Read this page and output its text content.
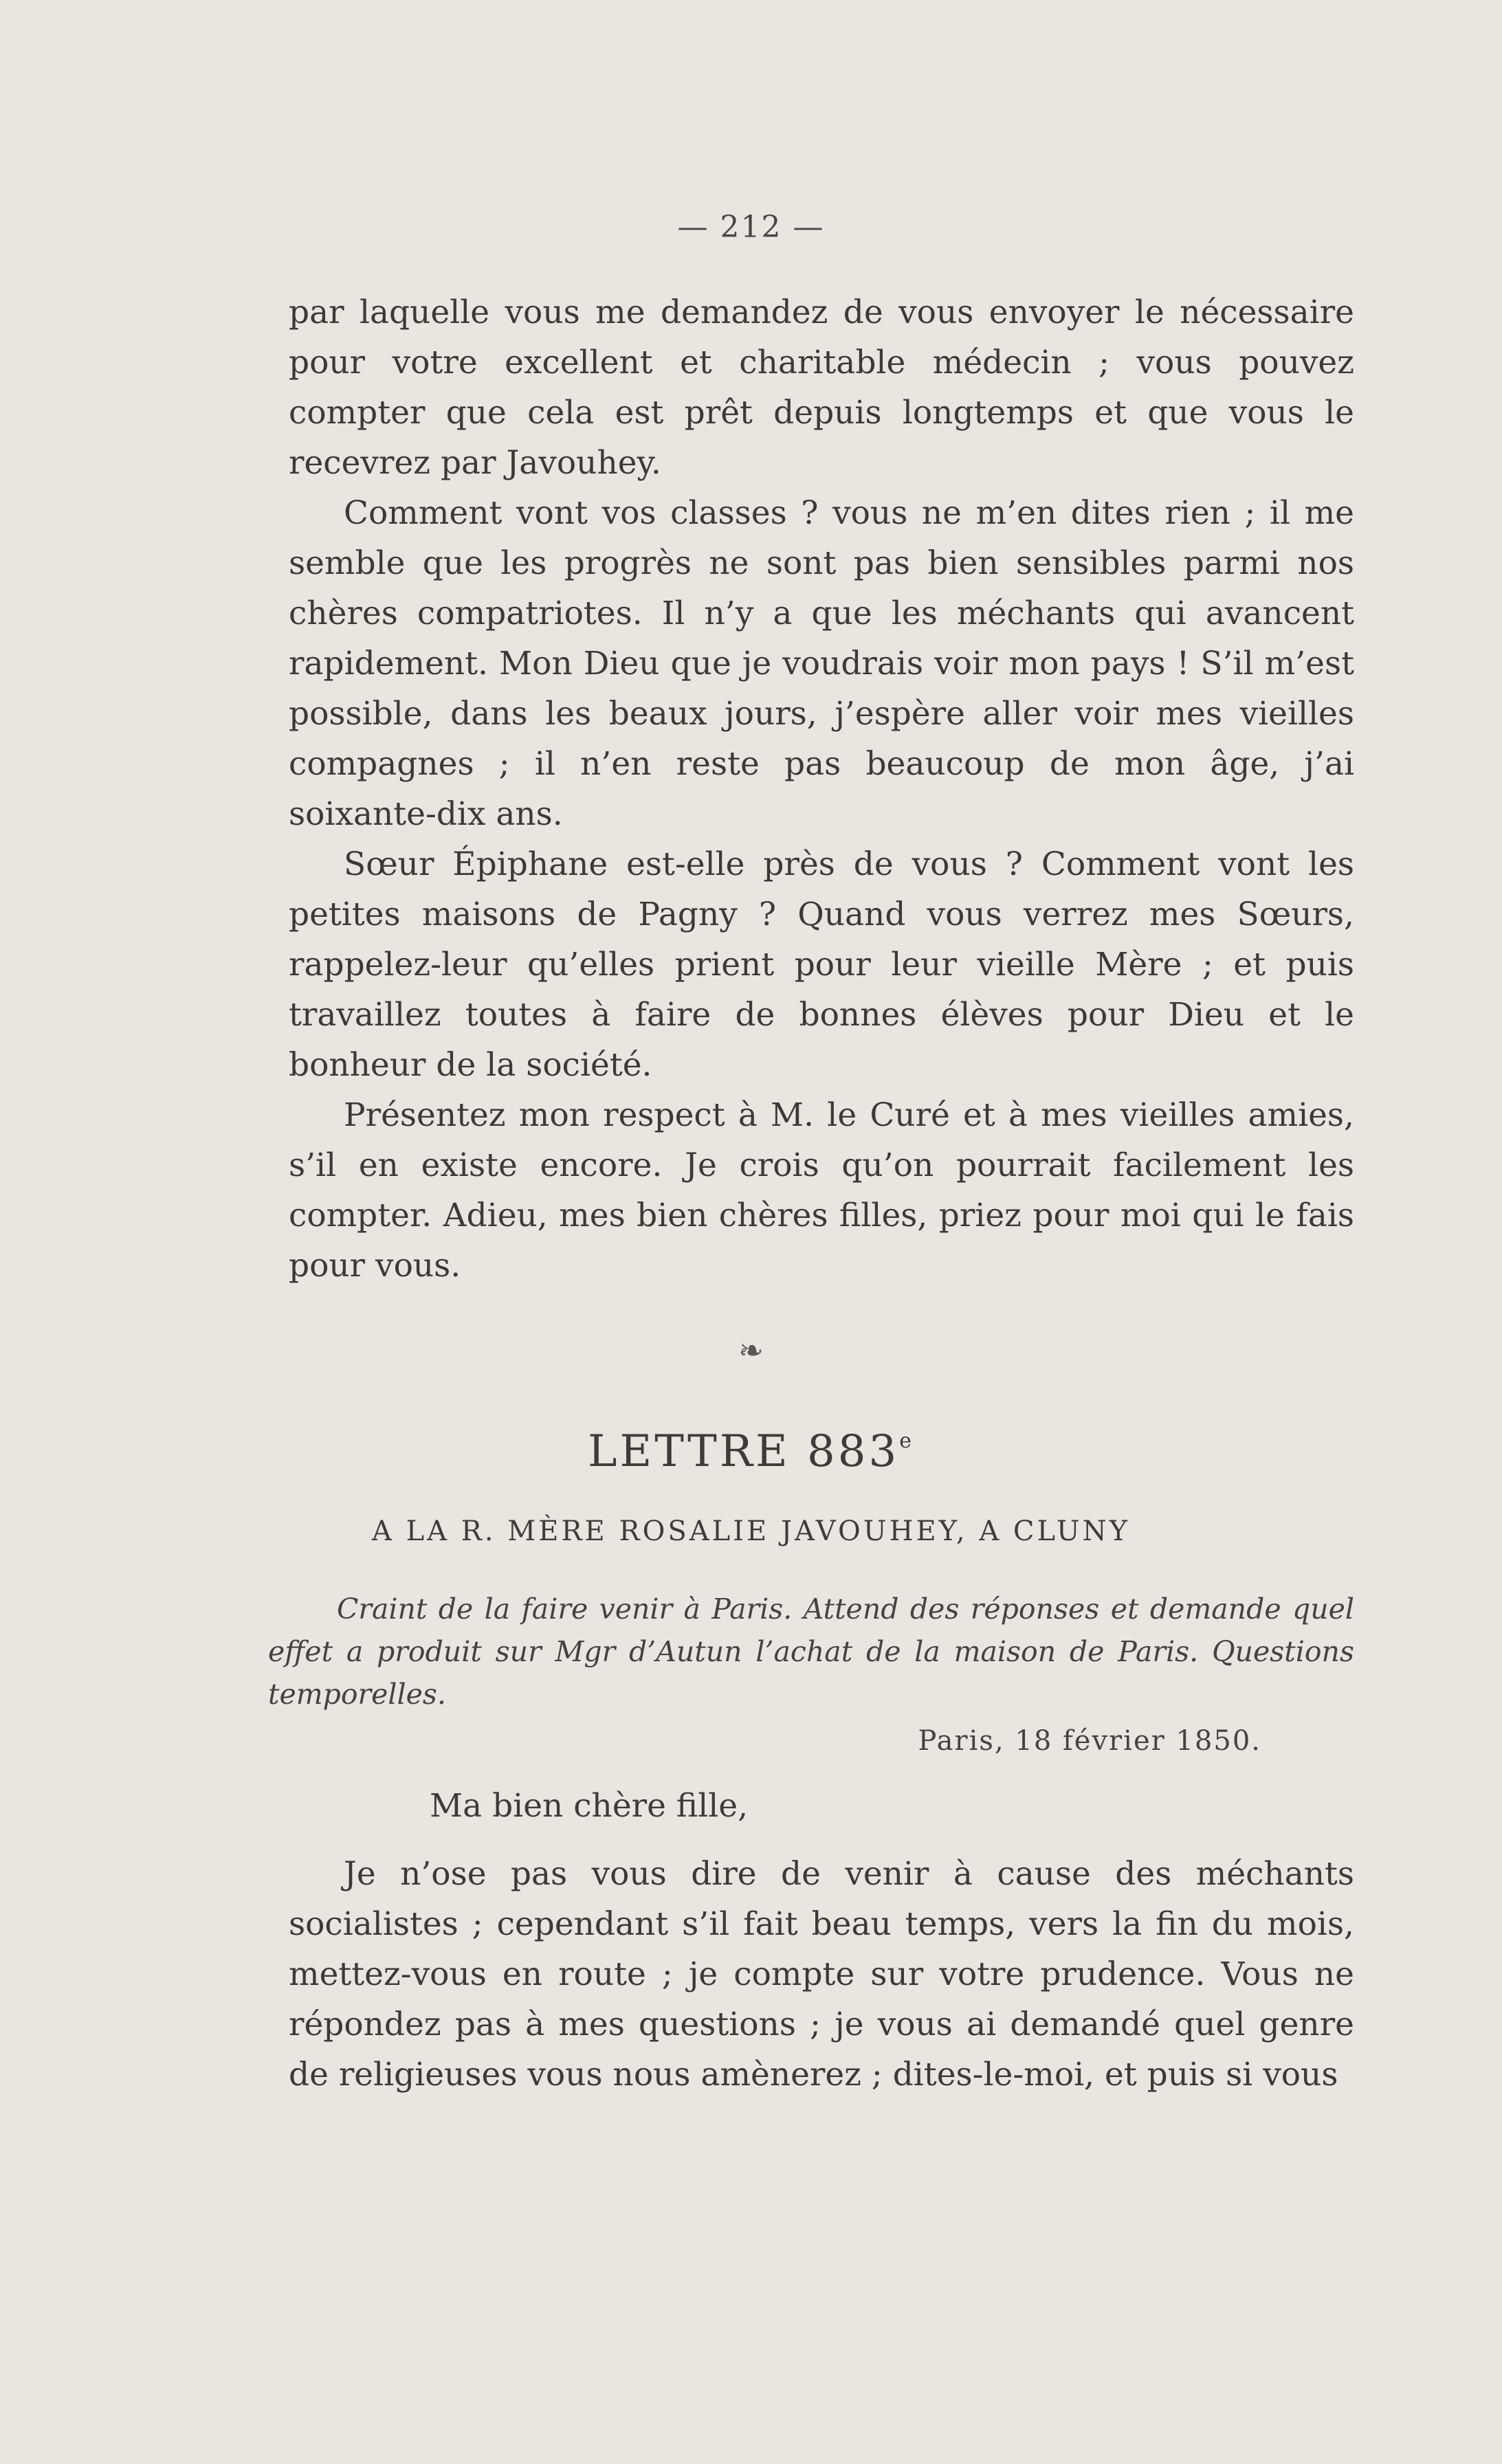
— 212 —

par laquelle vous me demandez de vous envoyer le nécessaire pour votre excellent et charitable médecin ; vous pouvez compter que cela est prêt depuis longtemps et que vous le recevrez par Javouhey.

Comment vont vos classes ? vous ne m’en dites rien ; il me semble que les progrès ne sont pas bien sensibles parmi nos chères compatriotes. Il n’y a que les méchants qui avancent rapidement. Mon Dieu que je voudrais voir mon pays ! S’il m’est possible, dans les beaux jours, j’espère aller voir mes vieilles compagnes ; il n’en reste pas beaucoup de mon âge, j’ai soixante-dix ans.

Sœur Épiphane est-elle près de vous ? Comment vont les petites maisons de Pagny ? Quand vous verrez mes Sœurs, rappelez-leur qu’elles prient pour leur vieille Mère ; et puis travaillez toutes à faire de bonnes élèves pour Dieu et le bonheur de la société.

Présentez mon respect à M. le Curé et à mes vieilles amies, s’il en existe encore. Je crois qu’on pourrait facilement les compter. Adieu, mes bien chères filles, priez pour moi qui le fais pour vous.

❧
LETTRE 883e
A LA R. MÈRE ROSALIE JAVOUHEY, A CLUNY
Craint de la faire venir à Paris. Attend des réponses et demande quel effet a produit sur Mgr d’Autun l’achat de la maison de Paris. Questions temporelles.
Paris, 18 février 1850.
Ma bien chère fille,

Je n’ose pas vous dire de venir à cause des méchants socialistes ; cependant s’il fait beau temps, vers la fin du mois, mettez-vous en route ; je compte sur votre prudence. Vous ne répondez pas à mes questions ; je vous ai demandé quel genre de religieuses vous nous amènerez ; dites-le-moi, et puis si vous
